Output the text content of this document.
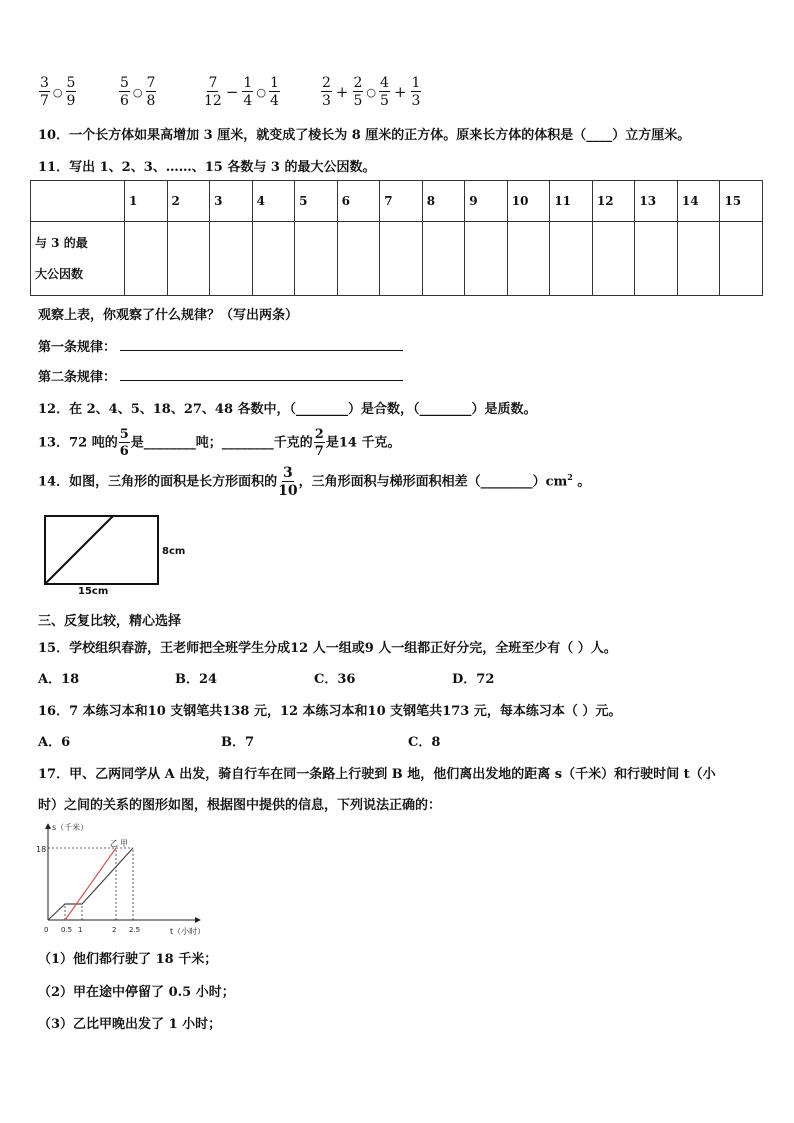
$\frac{3}{7}$ ○ $\frac{5}{9}$	$\frac{5}{6}$ ○ $\frac{7}{8}$	$\frac{7}{12} - \frac{1}{4}$ ○ $\frac{1}{4}$	$\frac{2}{3} + \frac{2}{5}$ ○ $\frac{4}{5} + \frac{1}{3}$
10．一个长方体如果高增加 3 厘米，就变成了棱长为 8 厘米的正方体。原来长方体的体积是（____）立方厘米。
11．写出 1、2、3、……、15 各数与 3 的最大公因数。
	1	2	3	4	5	6	7	8	9	10	11	12	13	14	15

与 3 的最
大公因数															

观察上表，你观察了什么规律？（写出两条）
第一条规律：
第二条规律：
12．在 2、4、5、18、27、48 各数中，（________）是合数，（________）是质数。
13．72 吨的 $\frac{5}{6}$ 是________吨；________千克的 $\frac{2}{7}$ 是14 千克。
14．如图，三角形的面积是长方形面积的 $\frac{3}{10}$ ，三角形面积与梯形面积相差$(\_\_\_\_\_\_\_\_)cm^2$ 。
8cm
15cm
三、反复比较，精心选择
15．学校组织春游，王老师把全班学生分成12 人一组或9 人一组都正好分完，全班至少有（ ）人。
A．18	B．24	C．36	D．72
16．7 本练习本和10 支钢笔共138 元，12 本练习本和10 支钢笔共173 元，每本练习本（ ）元。
A．6	B．7	C．8
17．甲、乙两同学从 A 出发，骑自行车在同一条路上行驶到 B 地，他们离出发地的距离 s（千米）和行驶时间 t（小
时）之间的关系的图形如图，根据图中提供的信息，下列说法正确的：
s（千米）
t（小时）
18
0 0.5 1	2 2.5
乙 甲
（1）他们都行驶了 18 千米；
（2）甲在途中停留了 0.5 小时；
（3）乙比甲晚出发了 1 小时；
